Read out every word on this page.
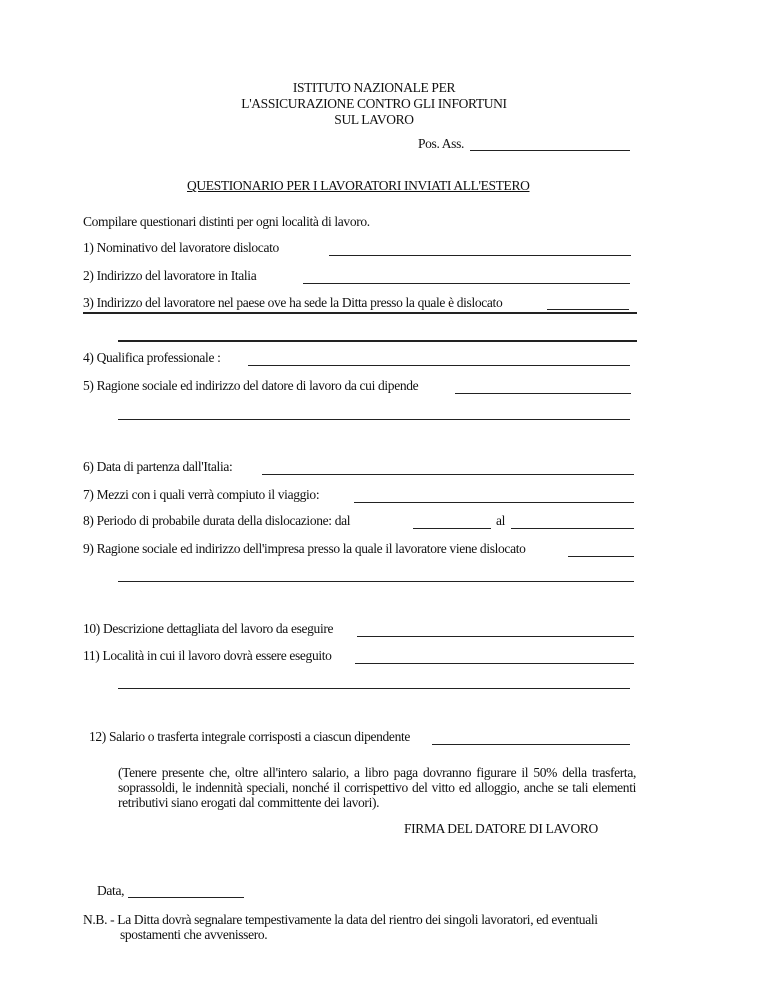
ISTITUTO NAZIONALE PER
L'ASSICURAZIONE CONTRO GLI INFORTUNI
SUL LAVORO
Pos. Ass.
QUESTIONARIO PER I LAVORATORI INVIATI ALL'ESTERO
Compilare questionari distinti per ogni località di lavoro.
1) Nominativo del lavoratore dislocato
2) Indirizzo del lavoratore in Italia
3) Indirizzo del lavoratore nel paese ove ha sede la Ditta presso la quale è dislocato
4) Qualifica professionale :
5) Ragione sociale ed indirizzo del datore di lavoro da cui dipende
6) Data di partenza dall'Italia:
7) Mezzi con i quali verrà compiuto il viaggio:
8) Periodo di probabile durata della dislocazione: dal	al
9) Ragione sociale ed indirizzo dell'impresa presso la quale il lavoratore viene dislocato
10) Descrizione dettagliata del lavoro da eseguire
11) Località in cui il lavoro dovrà essere eseguito
12) Salario o trasferta integrale corrisposti a ciascun dipendente
(Tenere presente che, oltre all'intero salario, a libro paga dovranno figurare il 50% della trasferta, soprassoldi, le indennità speciali, nonché il corrispettivo del vitto ed alloggio, anche se tali elementi retributivi siano erogati dal committente dei lavori).
FIRMA DEL DATORE DI LAVORO
Data,
N.B. - La Ditta dovrà segnalare tempestivamente la data del rientro dei singoli lavoratori, ed eventuali
spostamenti che avvenissero.
